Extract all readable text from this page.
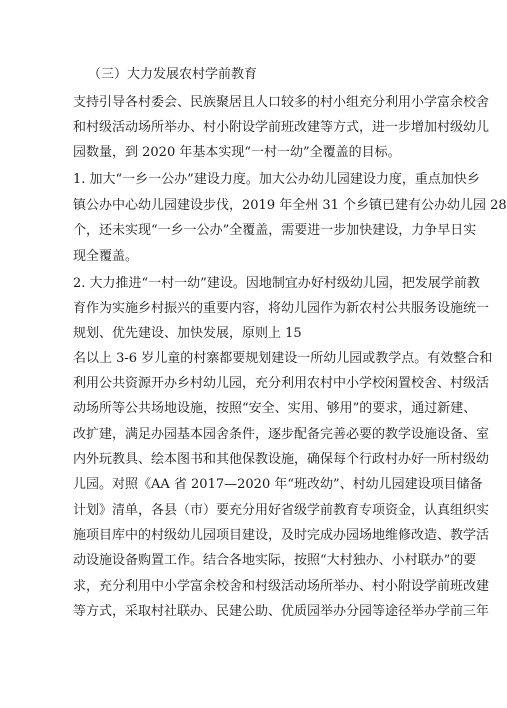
（三）大力发展农村学前教育
支持引导各村委会、民族聚居且人口较多的村小组充分利用小学富余校舍
和村级活动场所举办、村小附设学前班改建等方式，进一步增加村级幼儿
园数量，到 2020 年基本实现“一村一幼”全覆盖的目标。
1. 加大“一乡一公办”建设力度。加大公办幼儿园建设力度，重点加快乡
镇公办中心幼儿园建设步伐，2019 年全州 31 个乡镇已建有公办幼儿园 28
个，还未实现“一乡一公办”全覆盖，需要进一步加快建设，力争早日实
现全覆盖。
2. 大力推进“一村一幼”建设。因地制宜办好村级幼儿园，把发展学前教
育作为实施乡村振兴的重要内容，将幼儿园作为新农村公共服务设施统一
规划、优先建设、加快发展，原则上 15
名以上 3-6 岁儿童的村寨都要规划建设一所幼儿园或教学点。有效整合和
利用公共资源开办乡村幼儿园，充分利用农村中小学校闲置校舍、村级活
动场所等公共场地设施，按照“安全、实用、够用”的要求，通过新建、
改扩建，满足办园基本园舍条件，逐步配备完善必要的教学设施设备、室
内外玩教具、绘本图书和其他保教设施，确保每个行政村办好一所村级幼
儿园。对照《AA 省 2017—2020 年“班改幼”、村幼儿园建设项目储备
计划》清单，各县（市）要充分用好省级学前教育专项资金，认真组织实
施项目库中的村级幼儿园项目建设，及时完成办园场地维修改造、教学活
动设施设备购置工作。结合各地实际，按照“大村独办、小村联办”的要
求，充分利用中小学富余校舍和村级活动场所举办、村小附设学前班改建
等方式，采取村社联办、民建公助、优质园举办分园等途径举办学前三年
